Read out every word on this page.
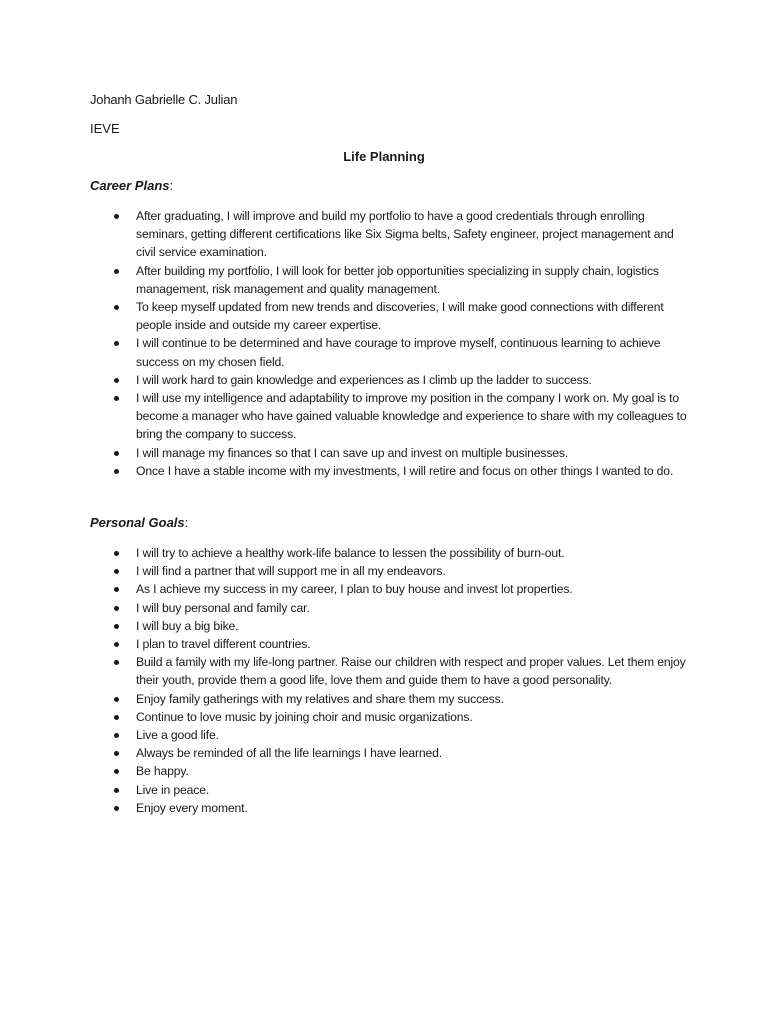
Johanh Gabrielle C. Julian
IEVE
Life Planning
Career Plans:
After graduating, I will improve and build my portfolio to have a good credentials through enrolling seminars, getting different certifications like Six Sigma belts, Safety engineer, project management and civil service examination.
After building my portfolio, I will look for better job opportunities specializing in supply chain, logistics management, risk management and quality management.
To keep myself updated from new trends and discoveries, I will make good connections with different people inside and outside my career expertise.
I will continue to be determined and have courage to improve myself, continuous learning to achieve success on my chosen field.
I will work hard to gain knowledge and experiences as I climb up the ladder to success.
I will use my intelligence and adaptability to improve my position in the company I work on. My goal is to become a manager who have gained valuable knowledge and experience to share with my colleagues to bring the company to success.
I will manage my finances so that I can save up and invest on multiple businesses.
Once I have a stable income with my investments, I will retire and focus on other things I wanted to do.
Personal Goals:
I will try to achieve a healthy work-life balance to lessen the possibility of burn-out.
I will find a partner that will support me in all my endeavors.
As I achieve my success in my career, I plan to buy house and invest lot properties.
I will buy personal and family car.
I will buy a big bike.
I plan to travel different countries.
Build a family with my life-long partner. Raise our children with respect and proper values. Let them enjoy their youth, provide them a good life, love them and guide them to have a good personality.
Enjoy family gatherings with my relatives and share them my success.
Continue to love music by joining choir and music organizations.
Live a good life.
Always be reminded of all the life learnings I have learned.
Be happy.
Live in peace.
Enjoy every moment.
